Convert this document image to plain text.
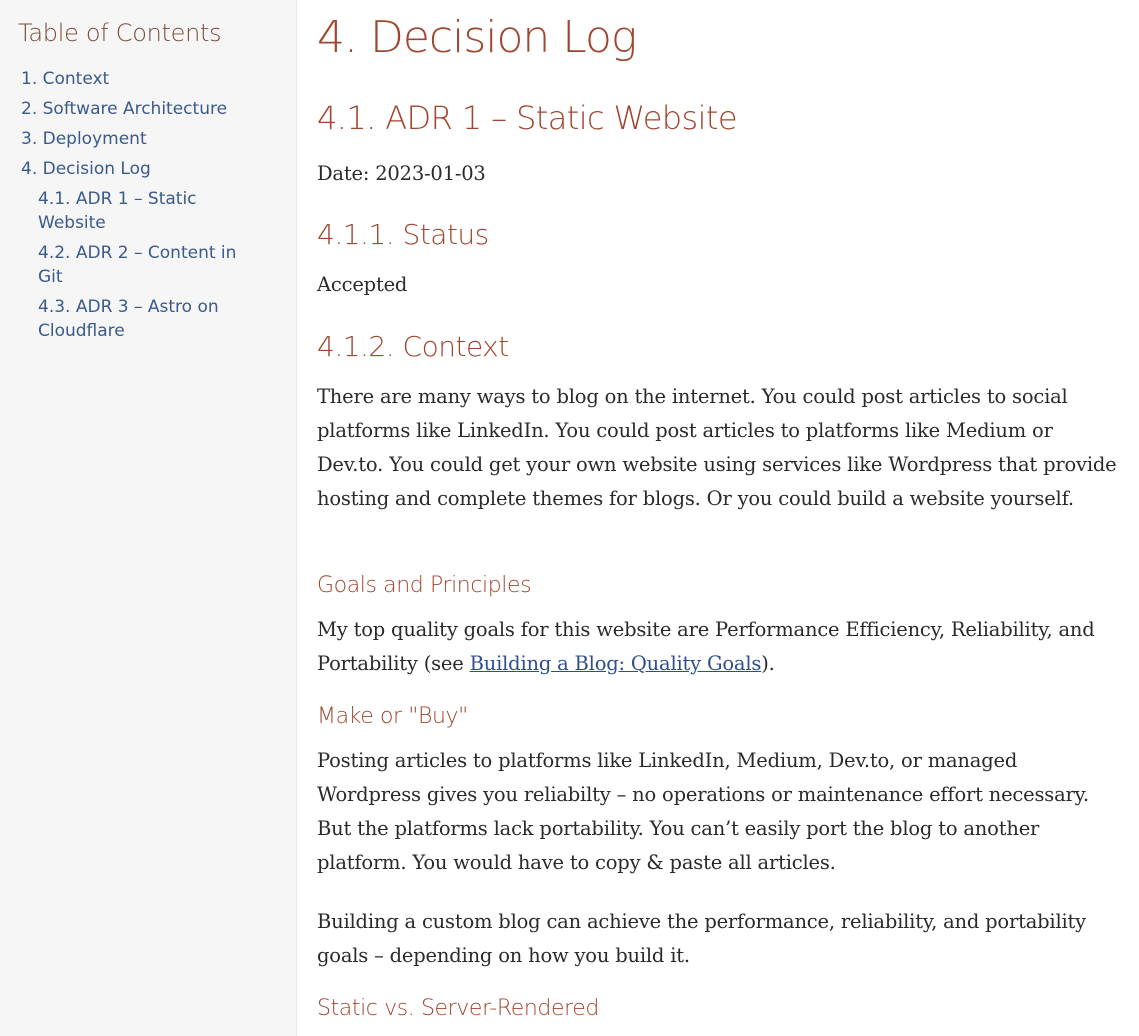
Table of Contents
1. Context
2. Software Architecture
3. Deployment
4. Decision Log
4.1. ADR 1 – Static Website
4.2. ADR 2 – Content in Git
4.3. ADR 3 – Astro on Cloudflare
4. Decision Log
4.1. ADR 1 – Static Website

Date: 2023-01-03

4.1.1. Status

Accepted

4.1.2. Context

There are many ways to blog on the internet. You could post articles to social platforms like LinkedIn. You could post articles to platforms like Medium or Dev.to. You could get your own website using services like Wordpress that provide hosting and complete themes for blogs. Or you could build a website yourself.

Goals and Principles

My top quality goals for this website are Performance Efficiency, Reliability, and Portability (see Building a Blog: Quality Goals).

Make or "Buy"

Posting articles to platforms like LinkedIn, Medium, Dev.to, or managed Wordpress gives you reliabilty – no operations or maintenance effort necessary. But the platforms lack portability. You can’t easily port the blog to another platform. You would have to copy & paste all articles.

Building a custom blog can achieve the performance, reliability, and portability goals – depending on how you build it.

Static vs. Server-Rendered
